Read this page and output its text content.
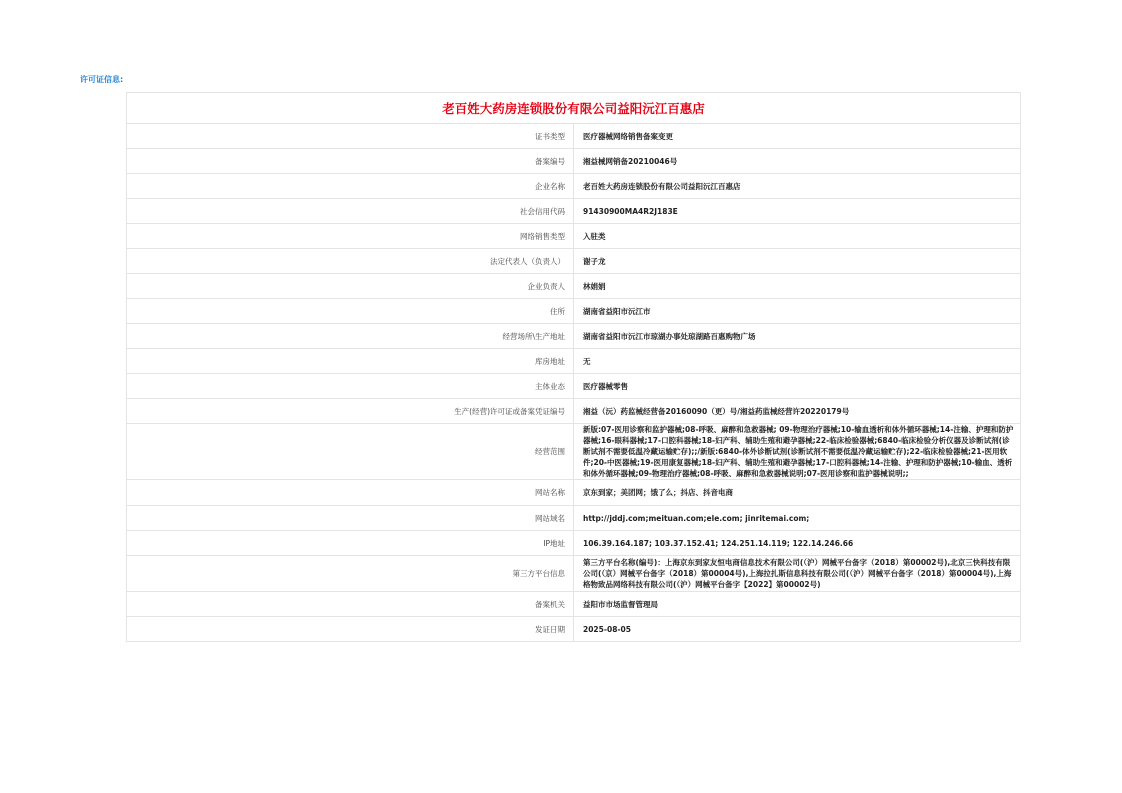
许可证信息:
老百姓大药房连锁股份有限公司益阳沅江百惠店	
证书类型	医疗器械网络销售备案变更
备案编号	湘益械网销备20210046号
企业名称	老百姓大药房连锁股份有限公司益阳沅江百惠店
社会信用代码	91430900MA4R2J183E
网络销售类型	入驻类
法定代表人（负责人）	谢子龙
企业负责人	林娟娟
住所	湖南省益阳市沅江市
经营场所\生产地址	湖南省益阳市沅江市琼湖办事处琼湖路百惠购物广场
库房地址	无
主体业态	医疗器械零售
生产(经营)许可证或备案凭证编号	湘益（沅）药监械经营备20160090（更）号/湘益药监械经营许20220179号
经营范围	新版:07-医用诊察和监护器械;08-呼吸、麻醉和急救器械; 09-物理治疗器械;10-输血透析和体外循环器械;14-注输、护理和防护器械;16-眼科器械;17-口腔科器械;18-妇产科、辅助生殖和避孕器械;22-临床检验器械;6840-临床检验分析仪器及诊断试剂(诊断试剂不需要低温冷藏运输贮存);;/新版:6840-体外诊断试剂(诊断试剂不需要低温冷藏运输贮存);22-临床检验器械;21-医用软件;20-中医器械;19-医用康复器械;18-妇产科、辅助生殖和避孕器械;17-口腔科器械;14-注输、护理和防护器械;10-输血、透析和体外循环器械;09-物理治疗器械;08-呼吸、麻醉和急救器械说明;07-医用诊察和监护器械说明;;
网站名称	京东到家；美团网；饿了么；抖店、抖音电商
网站域名	http://jddj.com;meituan.com;ele.com; jinritemai.com;
IP地址	106.39.164.187; 103.37.152.41; 124.251.14.119; 122.14.246.66
第三方平台信息	第三方平台名称(编号)：上海京东到家友恒电商信息技术有限公司(（沪）网械平台备字（2018）第00002号),北京三快科技有限公司(（京）网械平台备字（2018）第00004号),上海拉扎斯信息科技有限公司(（沪）网械平台备字（2018）第00004号),上海格物致品网络科技有限公司(（沪）网械平台备字【2022】第00002号)
备案机关	益阳市市场监督管理局
发证日期	2025-08-05
